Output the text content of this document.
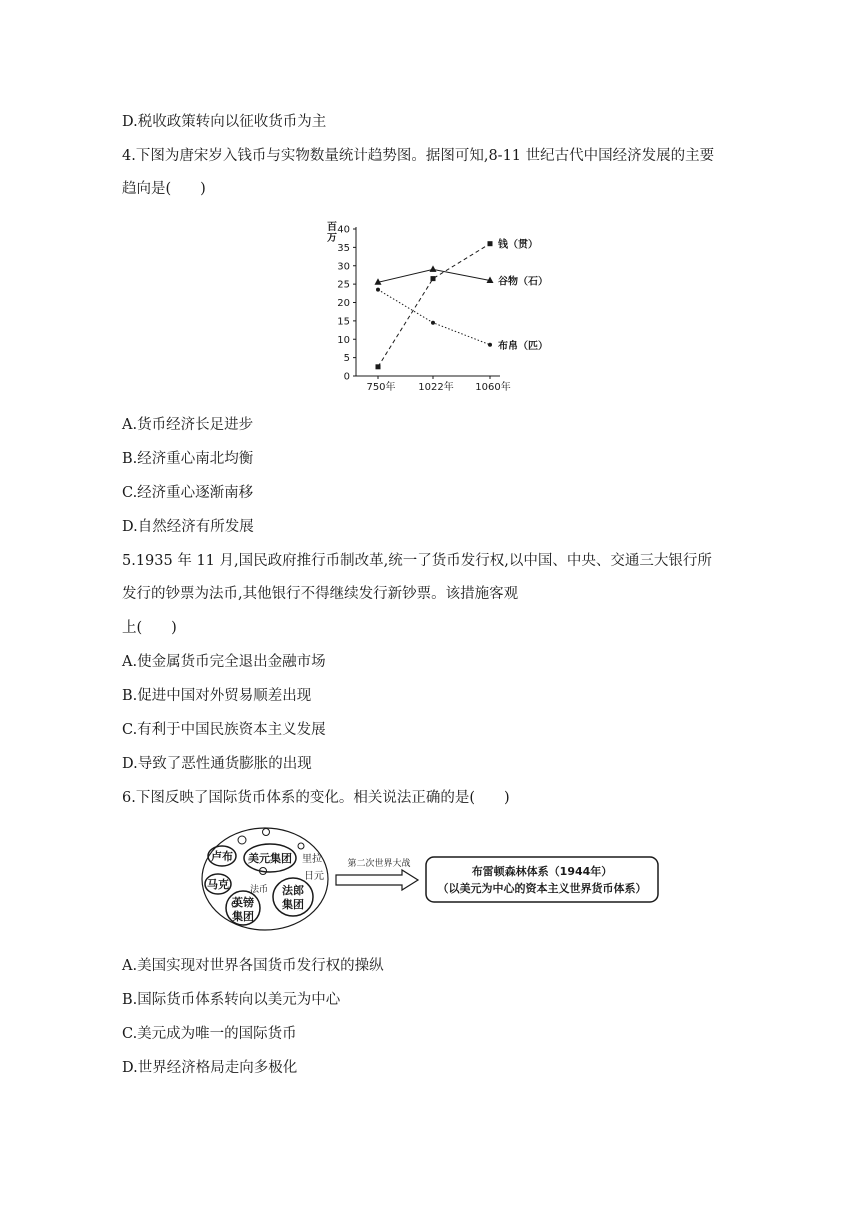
D.税收政策转向以征收货币为主
4.下图为唐宋岁入钱币与实物数量统计趋势图。据图可知,8-11 世纪古代中国经济发展的主要
趋向是(　　)
0
5
10
15
20
25
30
35
40
百
万
750年 1022年 1060年
钱（贯）
谷物（石）
布帛（匹）
A.货币经济长足进步
B.经济重心南北均衡
C.经济重心逐渐南移
D.自然经济有所发展
5.1935 年 11 月,国民政府推行币制改革,统一了货币发行权,以中国、中央、交通三大银行所
发行的钞票为法币,其他银行不得继续发行新钞票。该措施客观
上(　　)
A.使金属货币完全退出金融市场
B.促进中国对外贸易顺差出现
C.有利于中国民族资本主义发展
D.导致了恶性通货膨胀的出现
6.下图反映了国际货币体系的变化。相关说法正确的是(　　)
卢布 美元集团
马克 法币
英镑
集团
法郎
集团
里拉
日元
第二次世界大战
布雷顿森林体系（1944年）
（以美元为中心的资本主义世界货币体系）
A.美国实现对世界各国货币发行权的操纵
B.国际货币体系转向以美元为中心
C.美元成为唯一的国际货币
D.世界经济格局走向多极化
